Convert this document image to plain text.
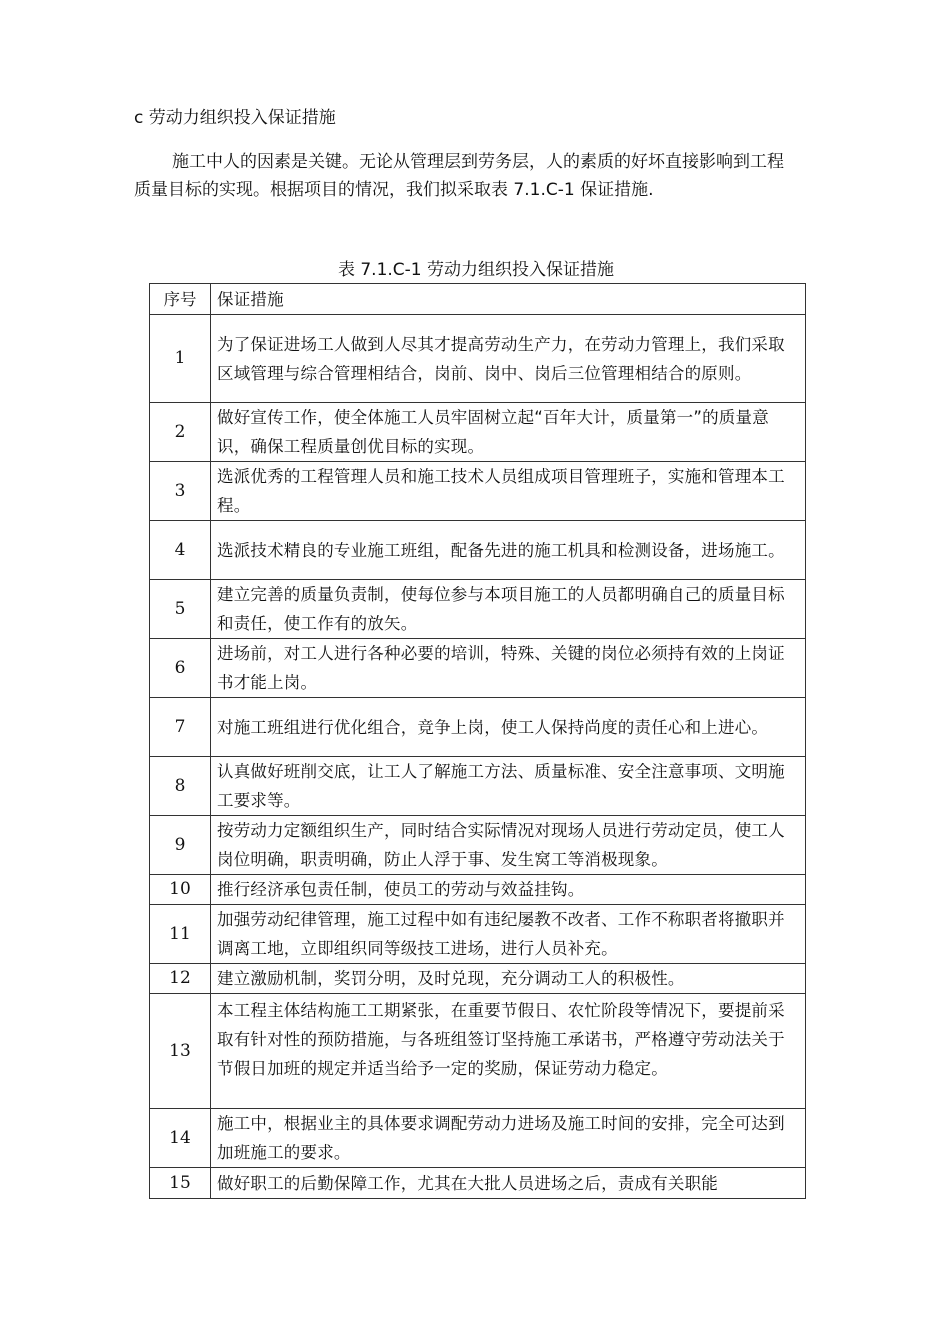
c 劳动力组织投入保证措施

施工中人的因素是关键。无论从管理层到劳务层，人的素质的好坏直接影响到工程质量目标的实现。根据项目的情况，我们拟采取表 7.1.C-1 保证措施.

表 7.1.C-1 劳动力组织投入保证措施
序号	保证措施
1	为了保证进场工人做到人尽其才提高劳动生产力，在劳动力管理上，我们采取区域管理与综合管理相结合，岗前、岗中、岗后三位管理相结合的原则。
2	做好宣传工作，使全体施工人员牢固树立起“百年大计，质量第一”的质量意识，确保工程质量创优目标的实现。
3	选派优秀的工程管理人员和施工技术人员组成项目管理班子，实施和管理本工程。
4	选派技术精良的专业施工班组，配备先进的施工机具和检测设备，进场施工。
5	建立完善的质量负责制，使每位参与本项目施工的人员都明确自己的质量目标和责任，使工作有的放矢。
6	进场前，对工人进行各种必要的培训，特殊、关键的岗位必须持有效的上岗证书才能上岗。
7	对施工班组进行优化组合，竞争上岗，使工人保持尚度的责任心和上进心。
8	认真做好班削交底，让工人了解施工方法、质量标准、安全注意事项、文明施工要求等。
9	按劳动力定额组织生产，同时结合实际情况对现场人员进行劳动定员，使工人岗位明确，职责明确，防止人浮于事、发生窝工等消极现象。
10	推行经济承包责任制，使员工的劳动与效益挂钩。
11	加强劳动纪律管理，施工过程中如有违纪屡教不改者、工作不称职者将撤职并调离工地，立即组织同等级技工进场，进行人员补充。
12	建立激励机制，奖罚分明，及时兑现，充分调动工人的积极性。
13	本工程主体结构施工工期紧张，在重要节假日、农忙阶段等情况下，要提前采取有针对性的预防措施，与各班组签订坚持施工承诺书，严格遵守劳动法关于节假日加班的规定并适当给予一定的奖励，保证劳动力稳定。
14	施工中，根据业主的具体要求调配劳动力进场及施工时间的安排，完全可达到加班施工的要求。
15	做好职工的后勤保障工作，尤其在大批人员进场之后，责成有关职能
